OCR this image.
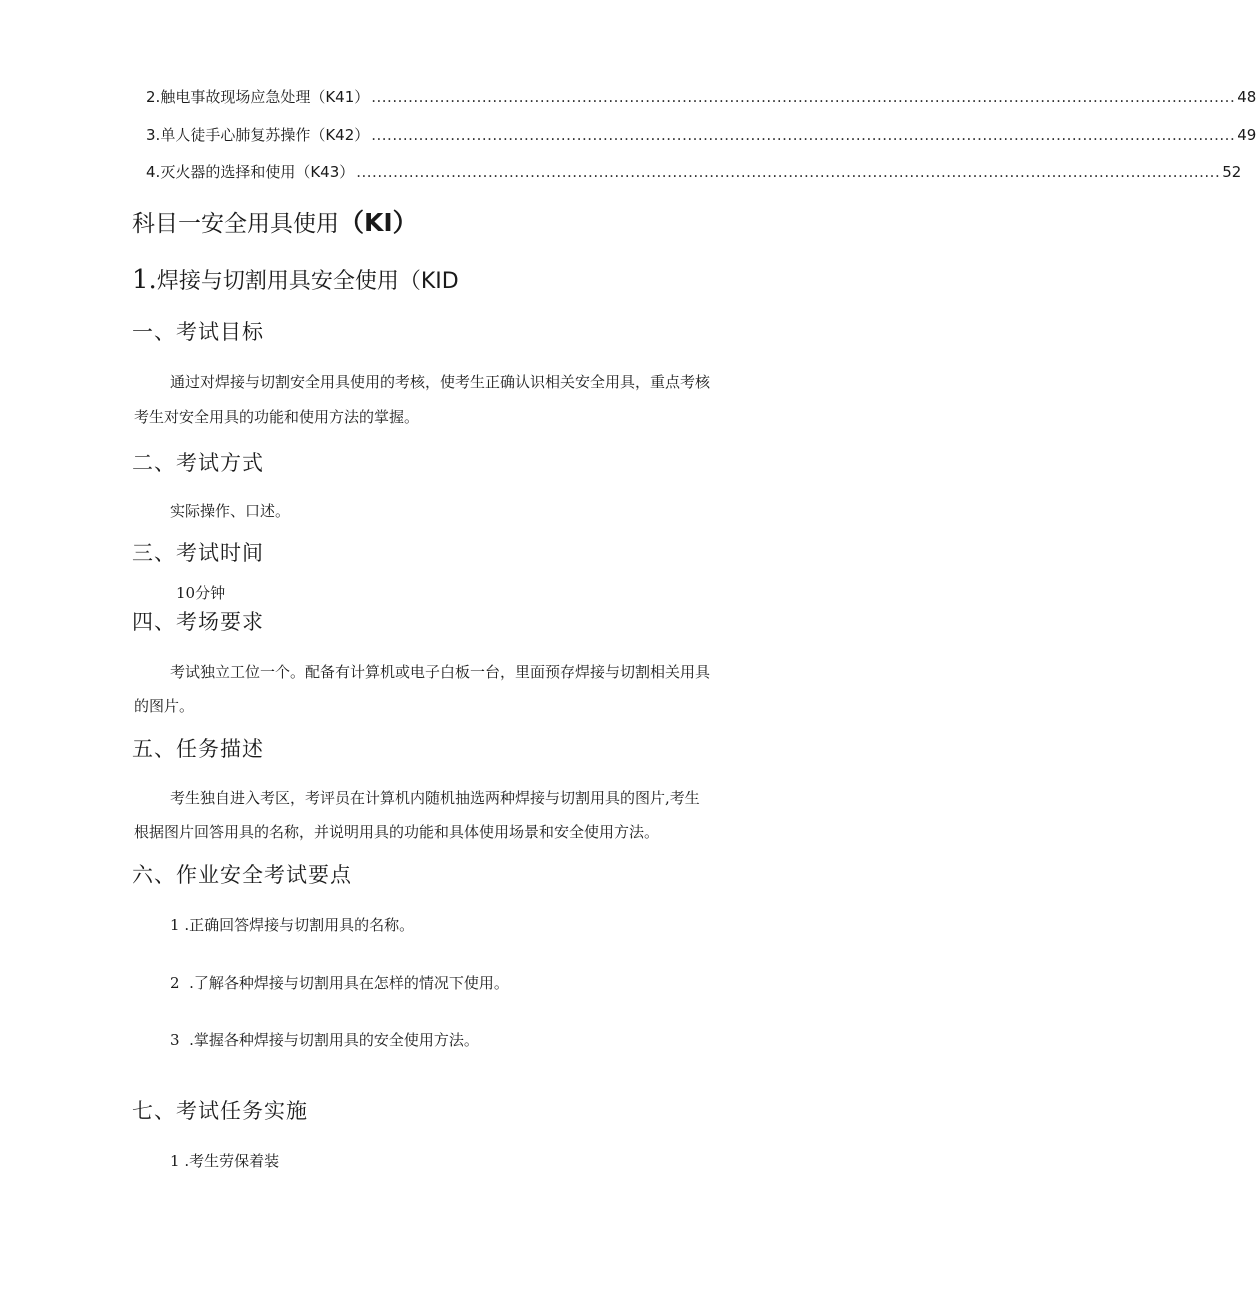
2 .触电事故现场应急处理（K41） .................................................................................................................................................................... 48
3 .单人徒手心肺复苏操作（K42） .................................................................................................................................................................... 49
4 .灭火器的选择和使用（K43） .................................................................................................................................................................... 52
科目一安全用具使用（KI）
1.焊接与切割用具安全使用（KID
一、考试目标
通过对焊接与切割安全用具使用的考核，使考生正确认识相关安全用具，重点考核
考生对安全用具的功能和使用方法的掌握。
二、考试方式
实际操作、口述。
三、考试时间
10分钟
四、考场要求
考试独立工位一个。配备有计算机或电子白板一台，里面预存焊接与切割相关用具
的图片。
五、任务描述
考生独自进入考区，考评员在计算机内随机抽选两种焊接与切割用具的图片,考生
根据图片回答用具的名称，并说明用具的功能和具体使用场景和安全使用方法。
六、作业安全考试要点
1 .正确回答焊接与切割用具的名称。
2 .了解各种焊接与切割用具在怎样的情况下使用。
3 .掌握各种焊接与切割用具的安全使用方法。
七、考试任务实施
1 .考生劳保着装
